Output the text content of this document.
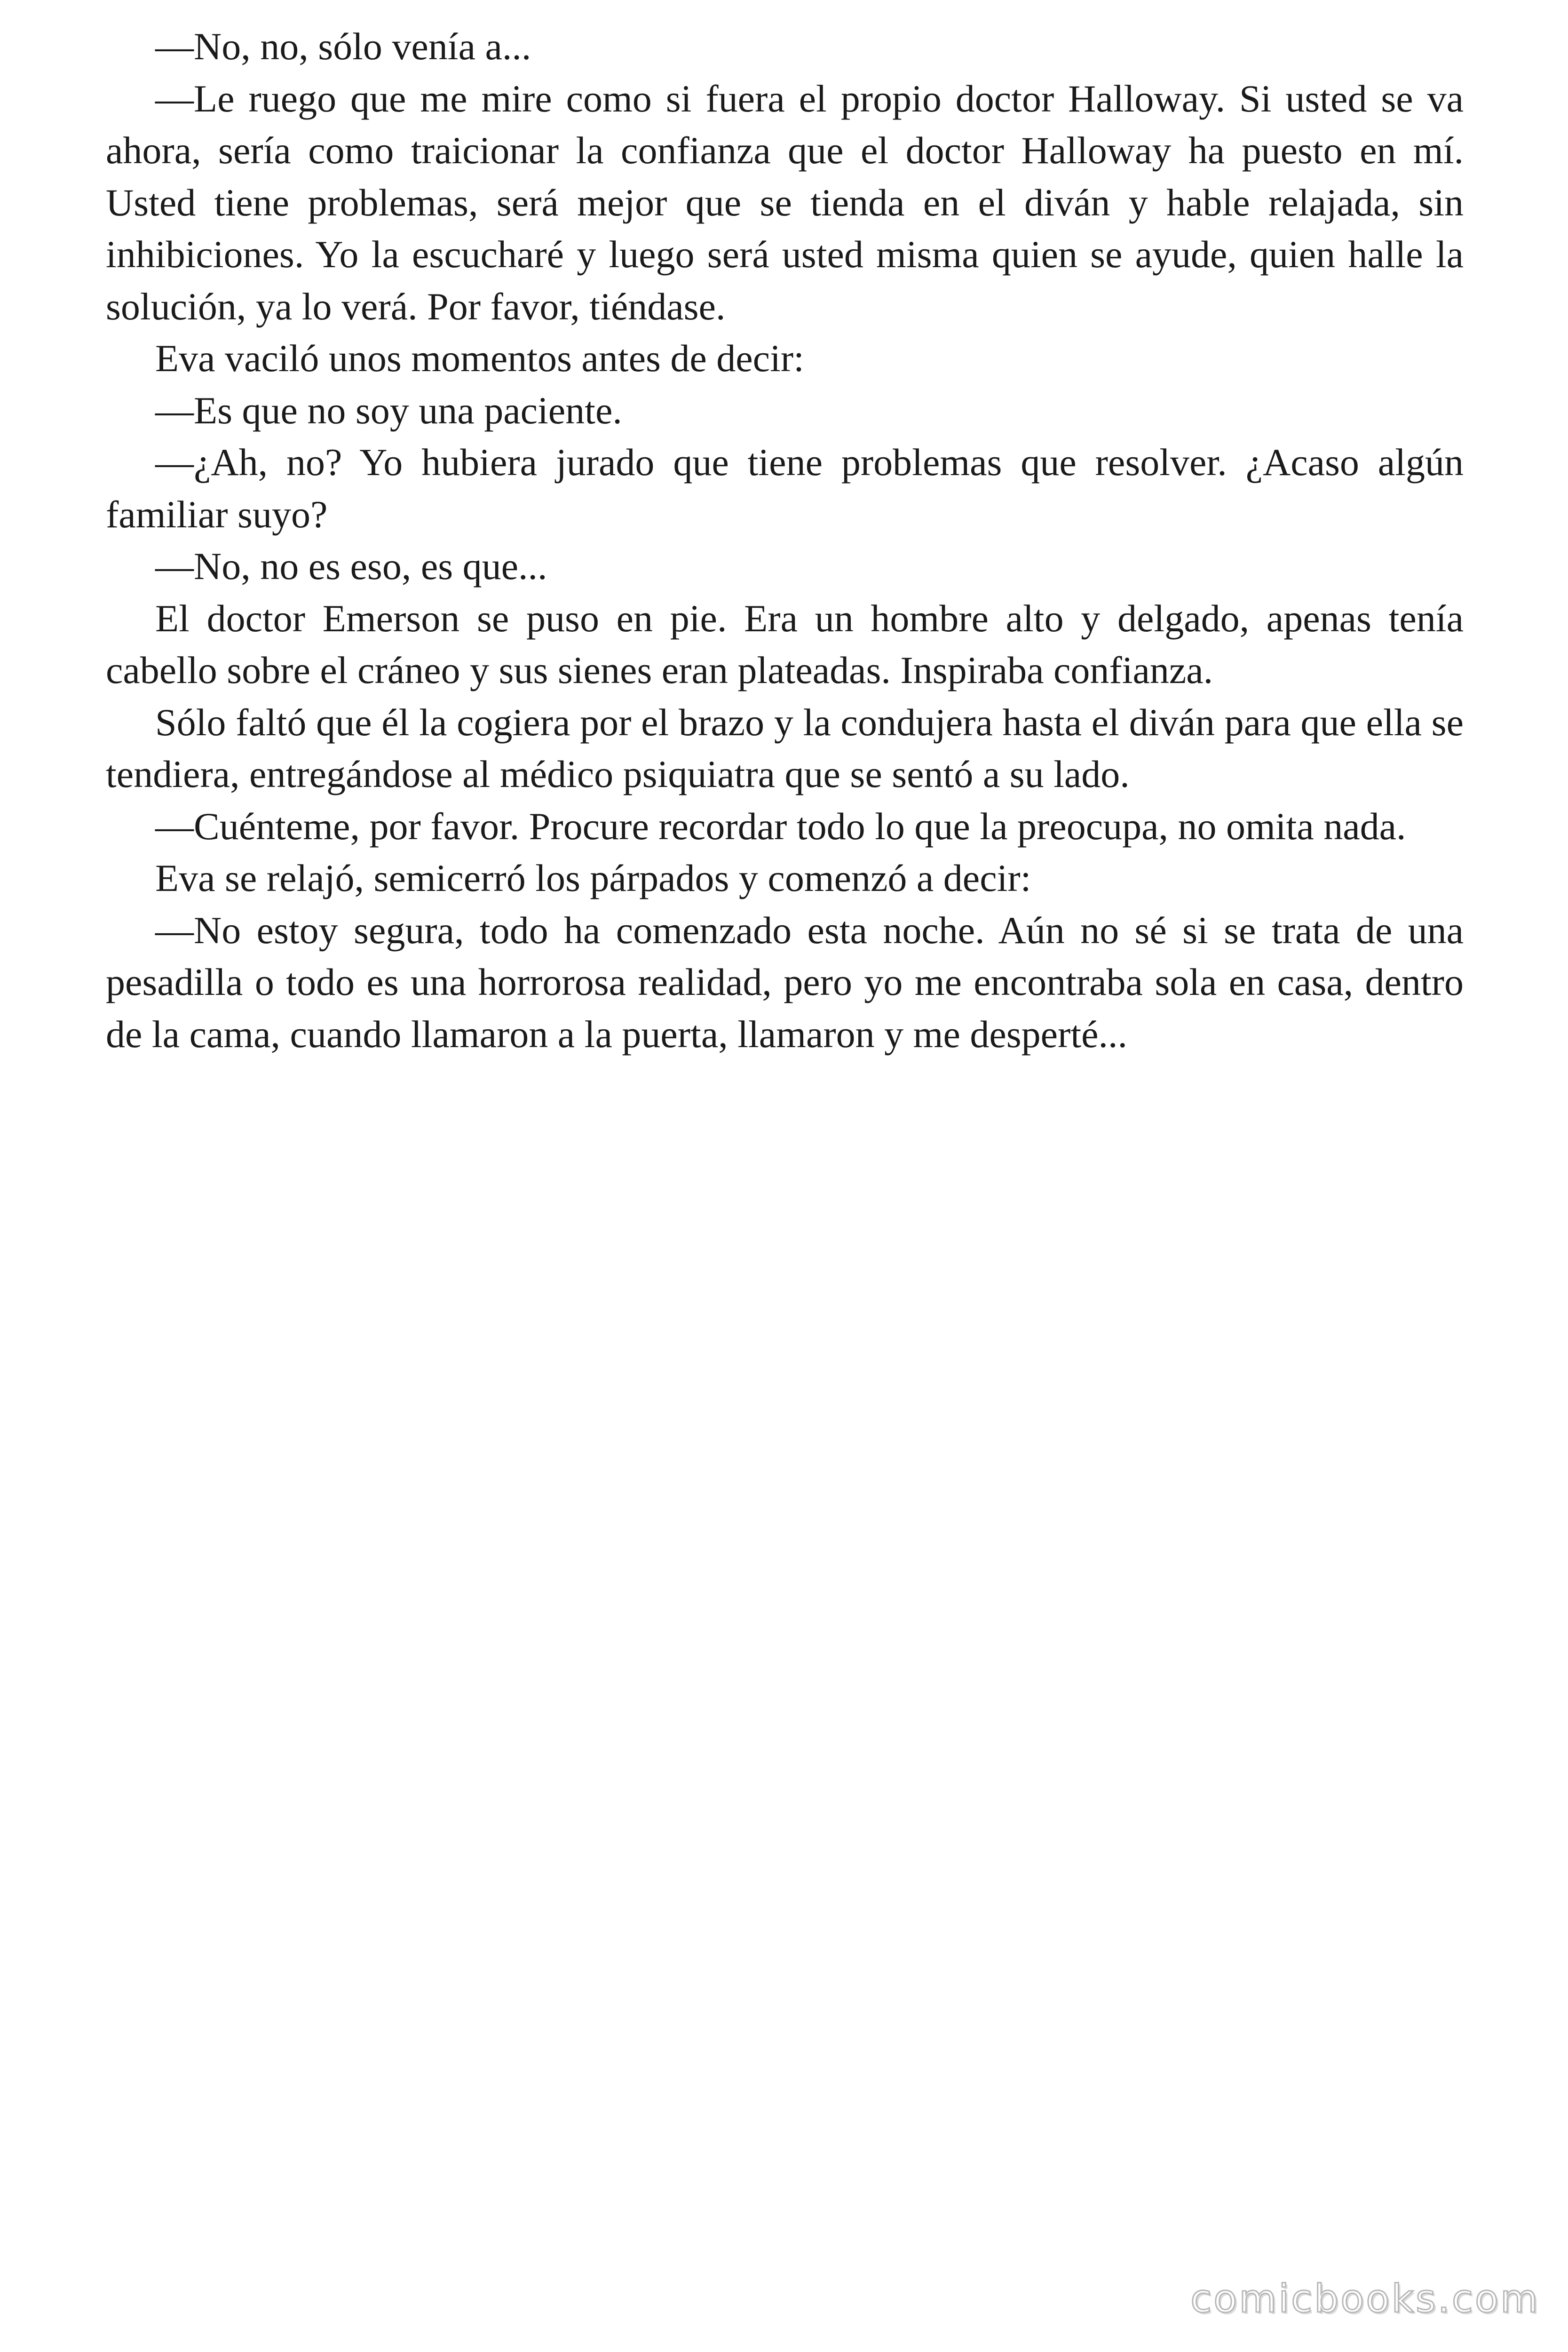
—No, no, sólo venía a...

—Le ruego que me mire como si fuera el propio doctor Halloway. Si usted se va ahora, sería como traicionar la confianza que el doctor Halloway ha puesto en mí. Usted tiene problemas, será mejor que se tienda en el diván y hable relajada, sin inhibiciones. Yo la escucharé y luego será usted misma quien se ayude, quien halle la solución, ya lo verá. Por favor, tiéndase.

Eva vaciló unos momentos antes de decir:

—Es que no soy una paciente.

—¿Ah, no? Yo hubiera jurado que tiene problemas que resolver. ¿Acaso algún familiar suyo?

—No, no es eso, es que...

El doctor Emerson se puso en pie. Era un hombre alto y delgado, apenas tenía cabello sobre el cráneo y sus sienes eran plateadas. Inspiraba confianza.

Sólo faltó que él la cogiera por el brazo y la condujera hasta el diván para que ella se tendiera, entregándose al médico psiquiatra que se sentó a su lado.

—Cuénteme, por favor. Procure recordar todo lo que la preocupa, no omita nada.

Eva se relajó, semicerró los párpados y comenzó a decir:

—No estoy segura, todo ha comenzado esta noche. Aún no sé si se trata de una pesadilla o todo es una horrorosa realidad, pero yo me encontraba sola en casa, dentro de la cama, cuando llamaron a la puerta, llamaron y me desperté...

comicbooks.com
